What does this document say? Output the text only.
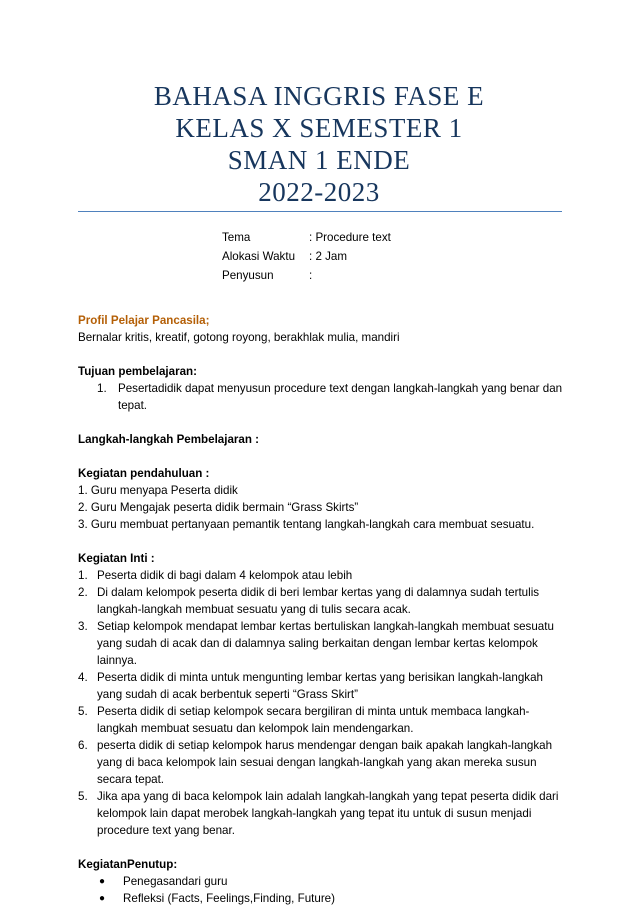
BAHASA INGGRIS FASE E
KELAS X SEMESTER 1
SMAN 1 ENDE
2022-2023
Tema	: Procedure text
Alokasi Waktu	: 2 Jam
Penyusun	:
Profil Pelajar Pancasila;
Bernalar kritis, kreatif, gotong royong, berakhlak mulia, mandiri
Tujuan pembelajaran:
1. Pesertadidik dapat menyusun procedure text dengan langkah-langkah yang benar dan tepat.
Langkah-langkah Pembelajaran :
Kegiatan pendahuluan :
1. Guru menyapa Peserta didik
2. Guru Mengajak peserta didik bermain “Grass Skirts”
3. Guru membuat pertanyaan pemantik tentang langkah-langkah cara membuat sesuatu.
Kegiatan Inti :
1. Peserta didik di bagi dalam 4 kelompok atau lebih
2. Di dalam kelompok peserta didik di beri lembar kertas yang di dalamnya sudah tertulis langkah-langkah membuat sesuatu yang di tulis secara acak.
3. Setiap kelompok mendapat lembar kertas bertuliskan langkah-langkah membuat sesuatu yang sudah di acak dan di dalamnya saling berkaitan dengan lembar kertas kelompok lainnya.
4. Peserta didik di minta untuk mengunting lembar kertas yang berisikan langkah-langkah yang sudah di acak berbentuk seperti “Grass Skirt”
5. Peserta didik di setiap kelompok secara bergiliran di minta untuk membaca langkah-langkah membuat sesuatu dan kelompok lain mendengarkan.
6. peserta didik di setiap kelompok harus mendengar dengan baik apakah langkah-langkah yang di baca kelompok lain sesuai dengan langkah-langkah yang akan mereka susun secara tepat.
5. Jika apa yang di baca kelompok lain adalah langkah-langkah yang tepat peserta didik dari kelompok lain dapat merobek langkah-langkah yang tepat itu untuk di susun menjadi procedure text yang benar.
KegiatanPenutup:
●	Penegasandari guru
●	Refleksi (Facts, Feelings,Finding, Future)
